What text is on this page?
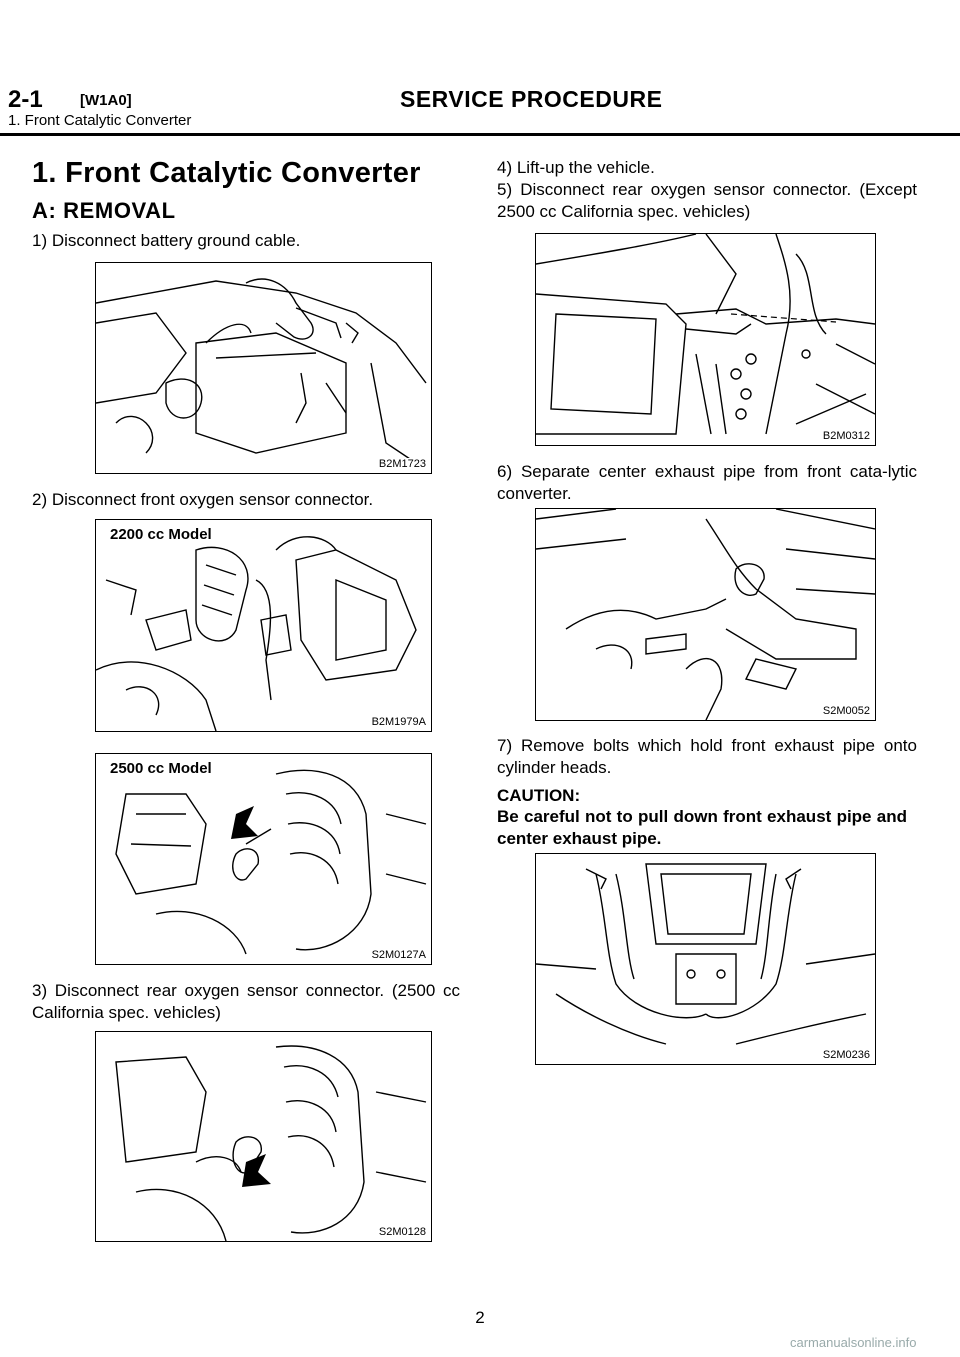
2-1 [W1A0]	SERVICE PROCEDURE
1. Front Catalytic Converter
1. Front Catalytic Converter
A: REMOVAL
1) Disconnect battery ground cable.
B2M1723
2) Disconnect front oxygen sensor connector.
2200 cc Model
B2M1979A
2500 cc Model
S2M0127A
3) Disconnect rear oxygen sensor connector. (2500 cc California spec. vehicles)
S2M0128
4) Lift-up the vehicle.
5) Disconnect rear oxygen sensor connector. (Except 2500 cc California spec. vehicles)
B2M0312
6) Separate center exhaust pipe from front cata-lytic converter.
S2M0052
7) Remove bolts which hold front exhaust pipe onto cylinder heads.
CAUTION:
Be careful not to pull down front exhaust pipe and center exhaust pipe.
S2M0236
2
carmanualsonline.info
